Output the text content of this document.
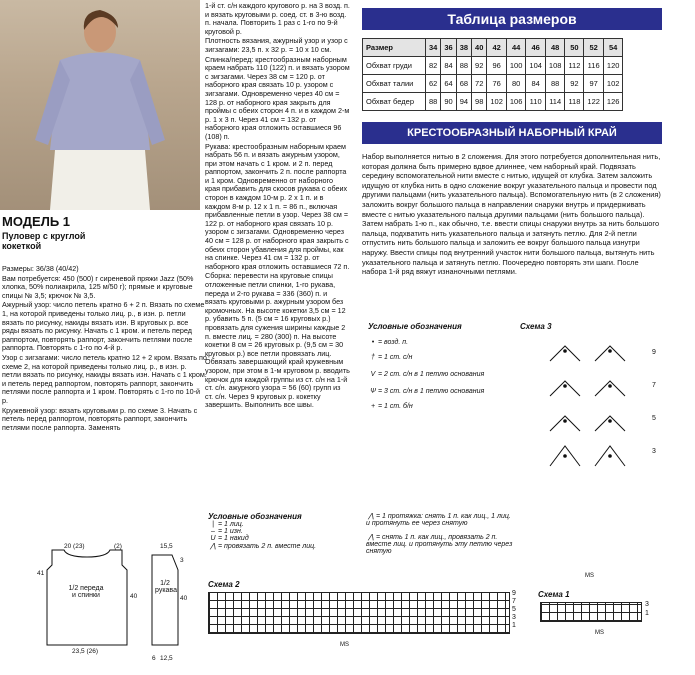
МОДЕЛЬ 1
Пуловер с круглой кокеткой

Размеры: 36/38 (40/42)

Вам потребуется: 450 (500) г сиреневой пряжи Jazz (50% хлопка, 50% полиакрила, 125 м/50 г); прямые и круговые спицы № 3,5; крючок № 3,5.

Ажурный узор: число петель кратно 6 + 2 п. Вязать по схеме 1, на которой приведены только лиц. р., в изн. р. петли вязать по рисунку, накиды вязать изн. В круговых р. все ряды вязать по рисунку. Начать с 1 кром. и петель перед раппортом, повторять раппорт, закончить петлями после раппорта. Повторять с 1-го по 4-й р.

Узор с зигзагами: число петель кратно 12 + 2 кром. Вязать по схеме 2, на которой приведены только лиц. р., в изн. р. петли вязать по рисунку, накиды вязать изн. Начать с 1 кром. и петель перед раппортом, повторять раппорт, закончить петлями после раппорта и 1 кром. Повторять с 1-го по 10-й р.

Кружевной узор: вязать круговыми р. по схеме 3. Начать с петель перед раппортом, повторять раппорт, закончить петлями после раппорта. Заменять

20 (23)	(2)
41
40
1/2 переда и спинки
23,5 (26)
15,5
40
1/2 рукава
12,5
3
6

1-й ст. с/н каждого кругового р. на 3 возд. п. и вязать круговыми р. соед. ст. в 3-ю возд. п. начала. Повторить 1 раз с 1-го по 9-й круговой р.

Плотность вязания, ажурный узор и узор с зигзагами: 23,5 п. x 32 р. = 10 x 10 см.

Спинка/перед: крестообразным наборным краем набрать 110 (122) п. и вязать узором с зигзагами. Через 38 см = 120 р. от наборного края связать 10 р. узором с зигзагами. Одновременно через 40 см = 128 р. от наборного края закрыть для проймы с обеих сторон 4 п. и в каждом 2-м р. 1 x 3 п. Через 41 см = 132 р. от наборного края отложить оставшиеся 96 (108) п.

Рукава: крестообразным наборным краем набрать 56 п. и вязать ажурным узором, при этом начать с 1 кром. и 2 п. перед раппортом, закончить 2 п. после раппорта и 1 кром. Одновременно от наборного края прибавить для скосов рукава с обеих сторон в каждом 10-м р. 2 x 1 п. и в каждом 8-м р. 12 x 1 п. = 86 п., включая прибавленные петли в узор. Через 38 см = 122 р. от наборного края связать 10 р. узором с зигзагами. Одновременно через 40 см = 128 р. от наборного края закрыть с обеих сторон убавления для проймы, как на спинке. Через 41 см = 132 р. от наборного края отложить оставшиеся 72 п.

Сборка: перевести на круговые спицы отложенные петли спинки, 1-го рукава, переда и 2-го рукава = 336 (360) п. и вязать круговыми р. ажурным узором без кромочных. На высоте кокетки 3,5 см = 12 р. убавить 5 п. (5 см = 16 круговых р.) провязать для сужения ширины каждые 2 п. вместе лиц. = 280 (300) п. На высоте кокетки 8 см = 26 круговых р. (9,5 см = 30 круговых р.) все петли провязать лиц. Обвязать завершающий край кружевным узором, при этом в 1-м круговом р. вводить крючок для каждой группы из ст. с/н на 1-й ст. с/н. ажурного узора = 56 (60) групп из ст. с/н. Через 9 круговых р. кокетку завершить. Выполнить все швы.

Таблица размеров
Размер	34	36	38	40	42	44	46	48	50	52	54
Обхват груди	82	84	88	92	96	100	104	108	112	116	120
Обхват талии	62	64	68	72	76	80	84	88	92	97	102
Обхват бедер	88	90	94	98	102	106	110	114	118	122	126
КРЕСТООБРАЗНЫЙ НАБОРНЫЙ КРАЙ
Набор выполняется нитью в 2 сложения. Для этого потребуется дополнительная нить, которая должна быть примерно вдвое длиннее, чем наборный край. Подвязать середину вспомогательной нити вместе с нитью, идущей от клубка. Затем заложить идущую от клубка нить в одно сложение вокруг указательного пальца и провести под другими пальцами (нить указательного пальца). Вспомогательную нить (в 2 сложения) заложить вокруг большого пальца в направлении снаружи внутрь и придерживать вместе с нитью указательного пальца другими пальцами (нить большого пальца). Затем набрать 1-ю п., как обычно, т.е. ввести спицы снаружи внутрь за нить большого пальца, подхватить нить указательного пальца и затянуть петлю. Для 2-й петли отпустить нить большого пальца и заложить ее вокруг большого пальца изнутри наружу. Ввести спицы под внутренний участок нити большого пальца, вытянуть нить указательного пальца и затянуть петлю. Поочередно повторять эти шаги. После набора 1-й ряд вяжут изнаночными петлями.
Условные обозначения
• = возд. п.
† = 1 ст. с/н
V = 2 ст. с/н в 1 петлю основания
Ψ = 3 ст. с/н в 1 петлю основания
+ = 1 ст. б/н
Схема 3
9
7
5
3
MS
Условные обозначения
| = 1 лиц.
– = 1 изн.
U = 1 накид
⋀ = провязать 2 п. вместе лиц.
⋀ = 1 протяжка: снять 1 п. как лиц., 1 лиц. и протянуть ее через снятую
⋀ = снять 1 п. как лиц., провязать 2 п. вместе лиц. и протянуть эту петлю через снятую
Схема 2
9
7
5
3
1
MS
Схема 1
3
1
MS
